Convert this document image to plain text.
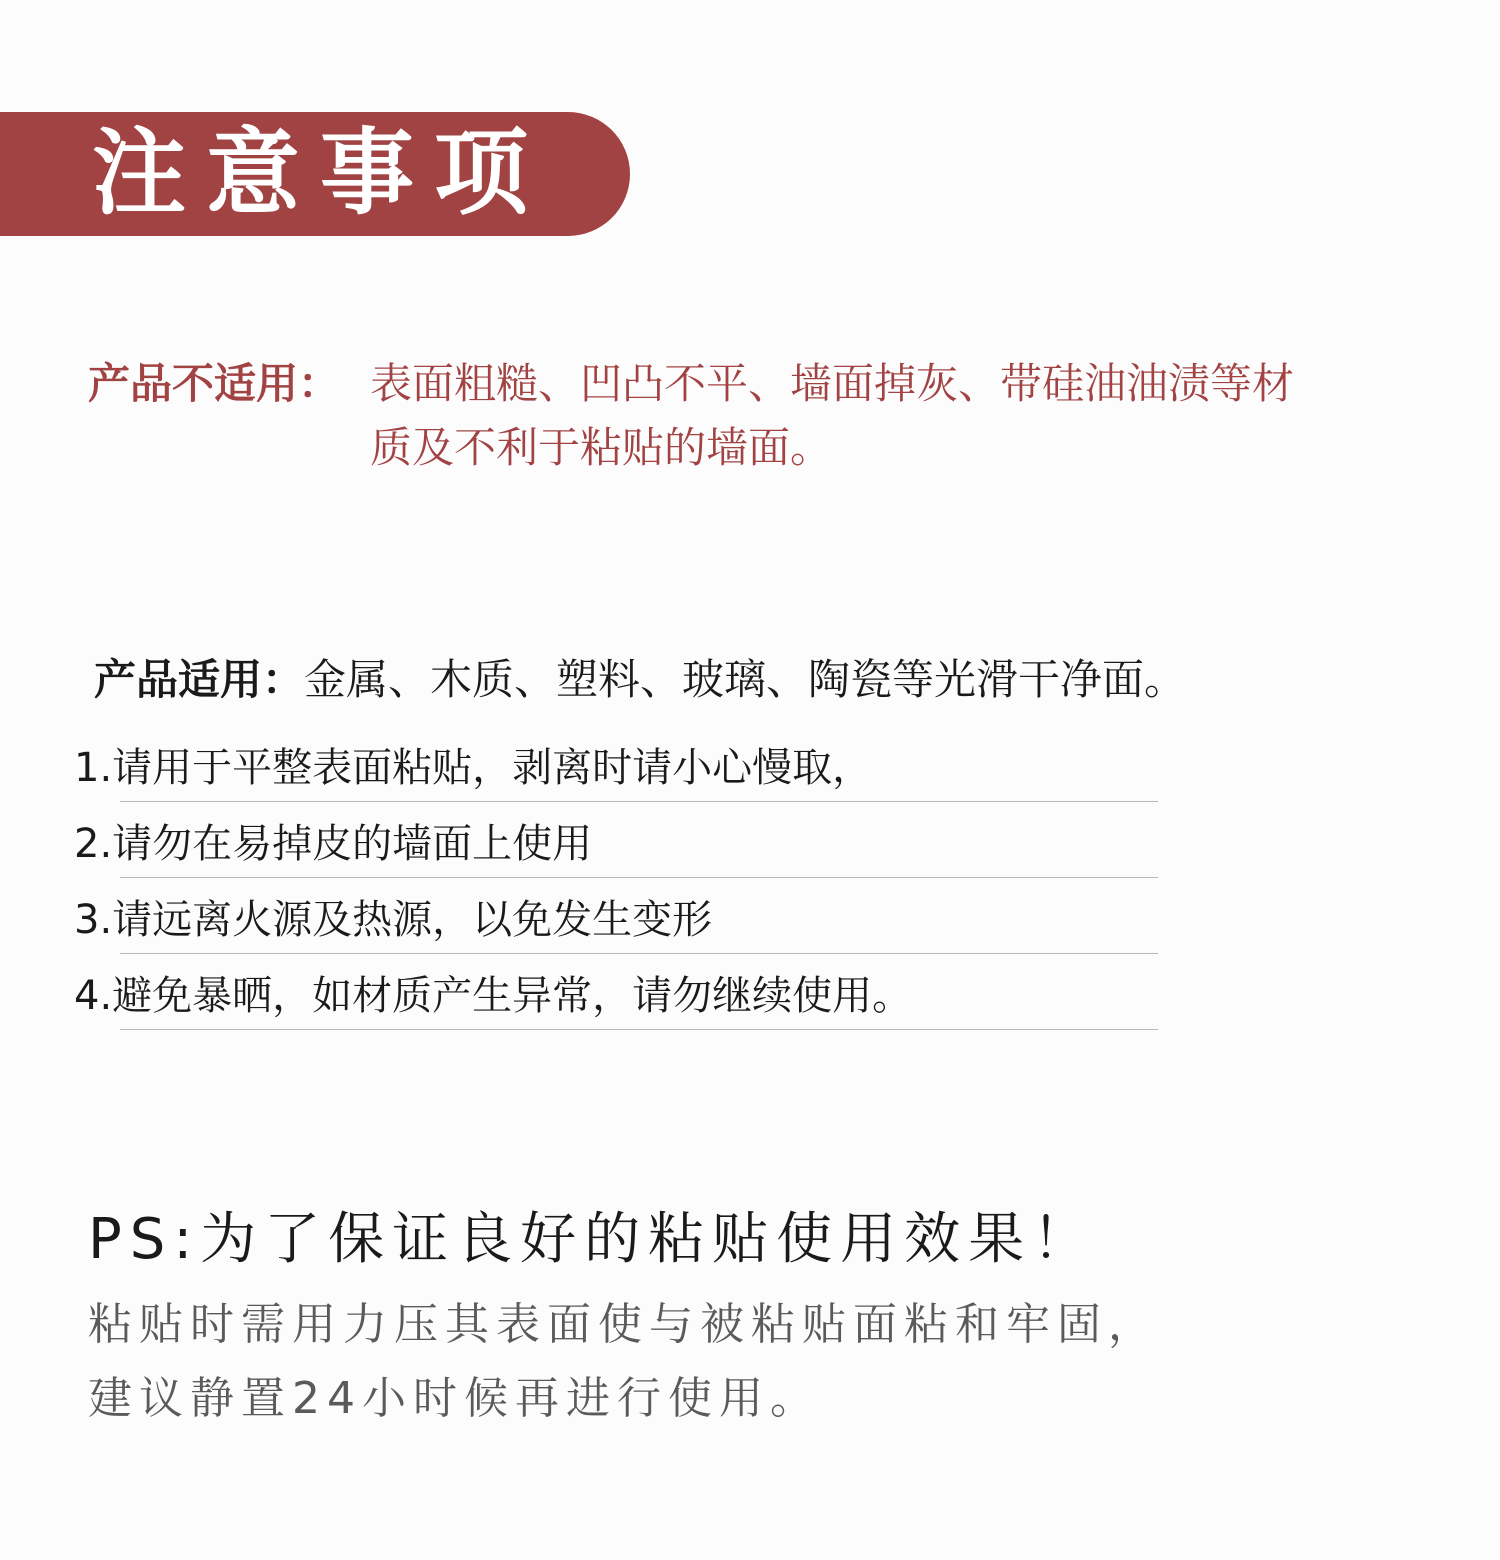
注意事项
产品不适用： 表面粗糙、凹凸不平、墙面掉灰、带硅油油渍等材质及不利于粘贴的墙面。
产品适用：金属、木质、塑料、玻璃、陶瓷等光滑干净面。
1.请用于平整表面粘贴，剥离时请小心慢取，
2.请勿在易掉皮的墙面上使用
3.请远离火源及热源，以免发生变形
4.避免暴晒，如材质产生异常，请勿继续使用。
PS:为了保证良好的粘贴使用效果！
粘贴时需用力压其表面使与被粘贴面粘和牢固，
建议静置24小时候再进行使用。
